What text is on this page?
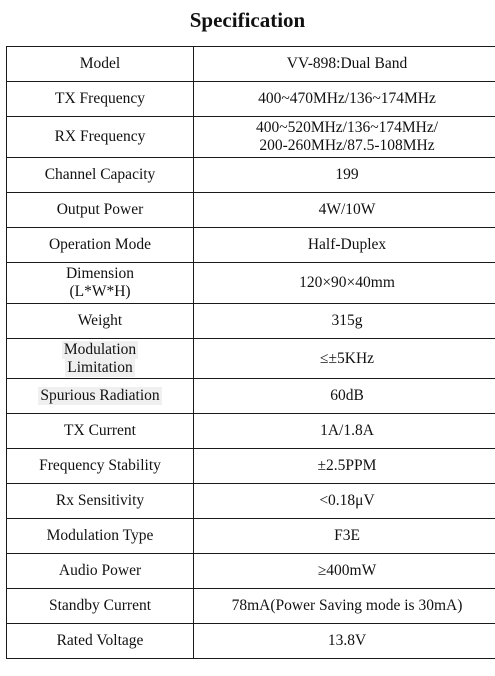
Specification
Model	VV-898:Dual Band
TX Frequency	400~470MHz/136~174MHz
RX Frequency	400~520MHz/136~174MHz/
200-260MHz/87.5-108MHz

Channel Capacity	199
Output Power	4W/10W
Operation Mode	Half-Duplex

Dimension
(L*W*H)	120×90×40mm
Weight	315g

Modulation
Limitation	≤±5KHz
Spurious Radiation	60dB
TX Current	1A/1.8A
Frequency Stability	±2.5PPM
Rx Sensitivity	<0.18μV
Modulation Type	F3E
Audio Power	≥400mW
Standby Current	78mA(Power Saving mode is 30mA)
Rated Voltage	13.8V
